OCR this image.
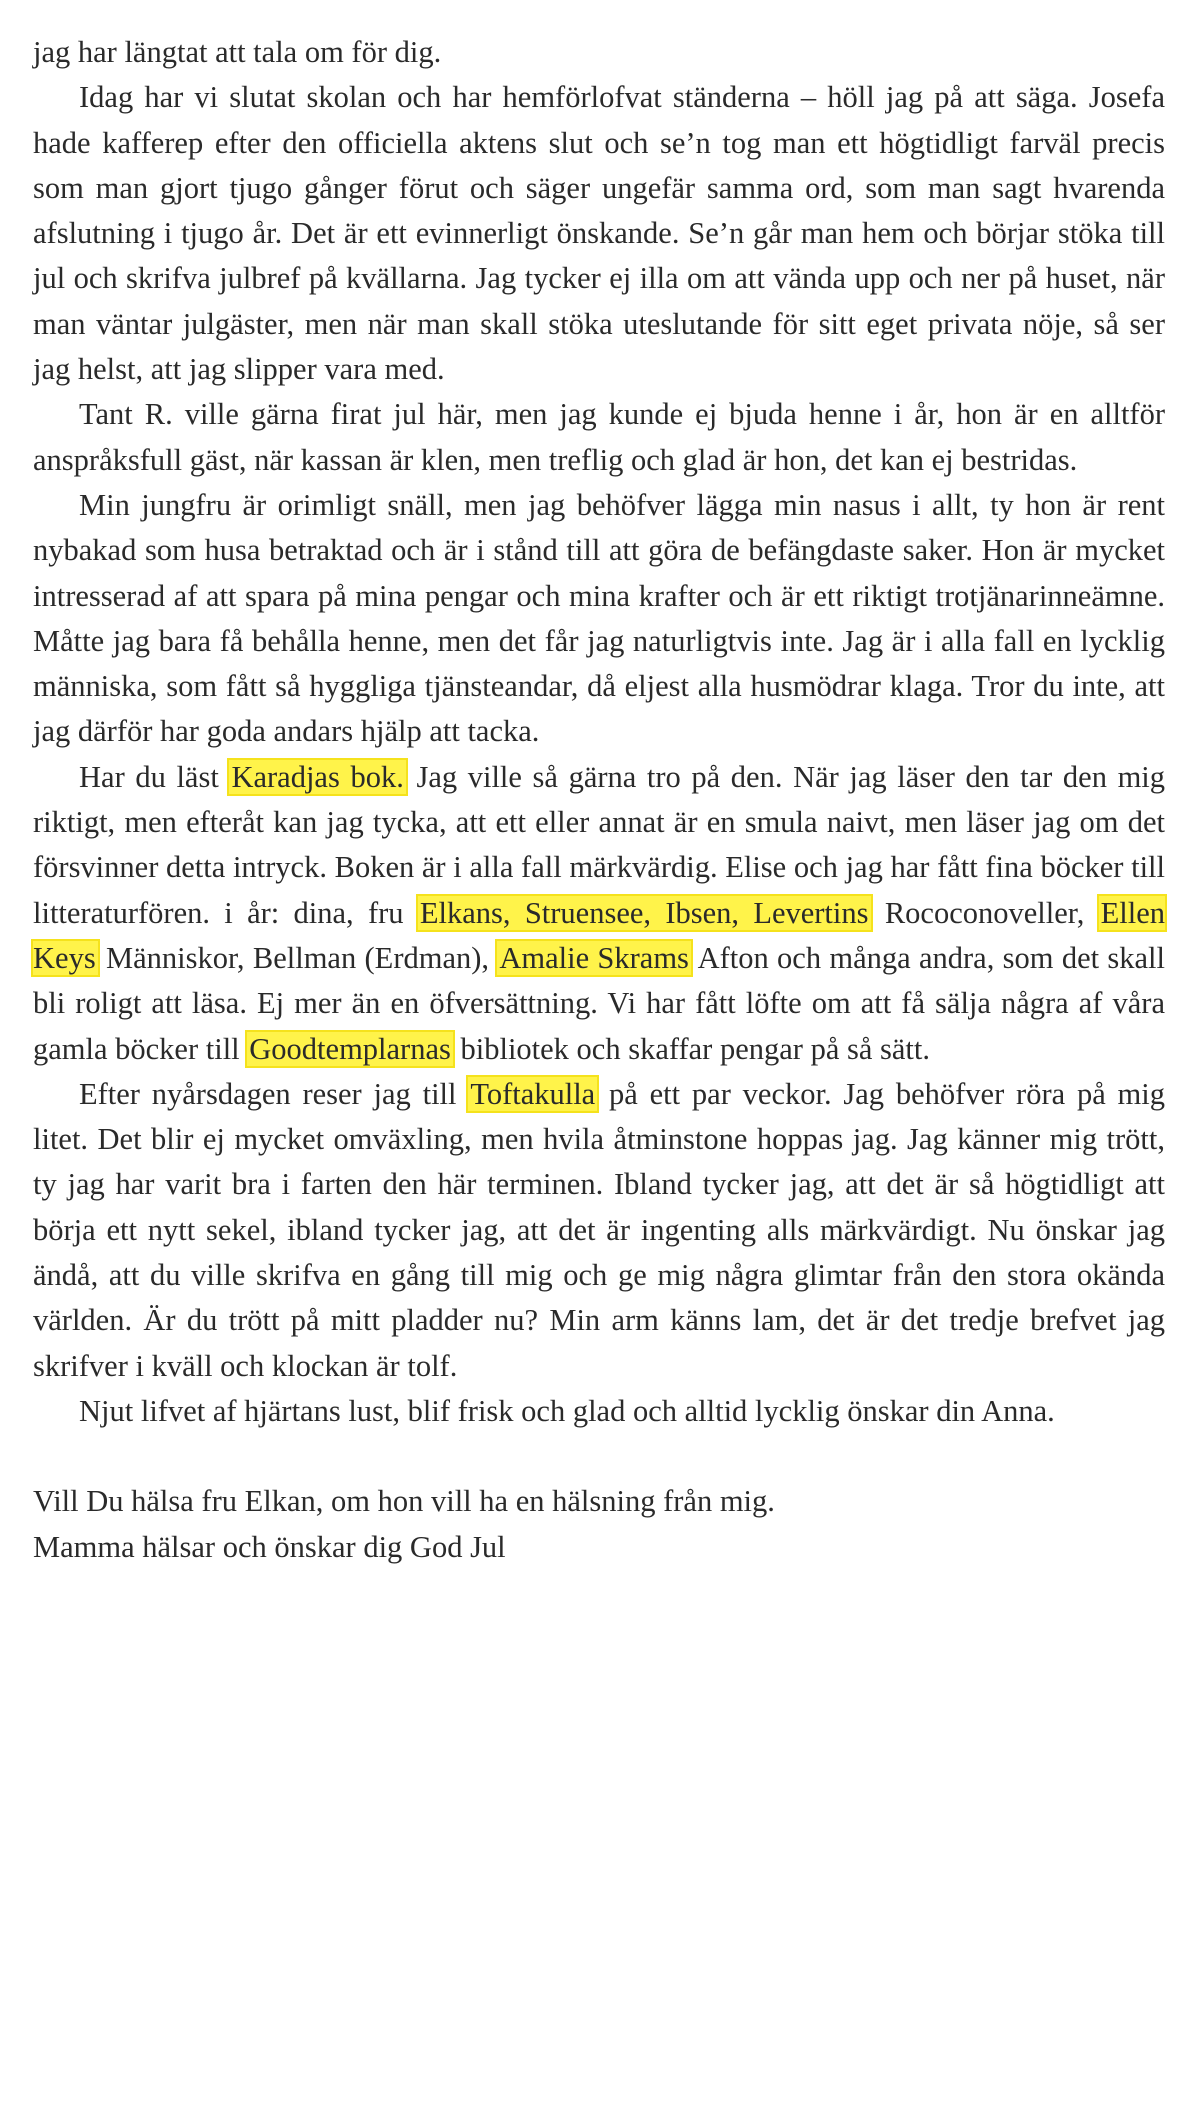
jag har längtat att tala om för dig.

Idag har vi slutat skolan och har hemförlofvat ständerna – höll jag på att säga. Josefa hade kafferep efter den officiella aktens slut och se’n tog man ett högtidligt farväl precis som man gjort tjugo gånger förut och säger ungefär samma ord, som man sagt hvarenda afslutning i tjugo år. Det är ett evinnerligt önskande. Se’n går man hem och börjar stöka till jul och skrifva julbref på kvällarna. Jag tycker ej illa om att vända upp och ner på huset, när man väntar julgäster, men när man skall stöka uteslutande för sitt eget privata nöje, så ser jag helst, att jag slipper vara med.

Tant R. ville gärna firat jul här, men jag kunde ej bjuda henne i år, hon är en alltför anspråksfull gäst, när kassan är klen, men treflig och glad är hon, det kan ej bestridas.

Min jungfru är orimligt snäll, men jag behöfver lägga min nasus i allt, ty hon är rent nybakad som husa betraktad och är i stånd till att göra de befängdaste saker. Hon är mycket intresserad af att spara på mina pengar och mina krafter och är ett riktigt trotjänarinneämne. Måtte jag bara få behålla henne, men det får jag naturligtvis inte. Jag är i alla fall en lycklig människa, som fått så hyggliga tjänsteandar, då eljest alla husmödrar klaga. Tror du inte, att jag därför har goda andars hjälp att tacka.

Har du läst Karadjas bok. Jag ville så gärna tro på den. När jag läser den tar den mig riktigt, men efteråt kan jag tycka, att ett eller annat är en smula naivt, men läser jag om det försvinner detta intryck. Boken är i alla fall märkvärdig. Elise och jag har fått fina böcker till litteraturfören. i år: dina, fru Elkans, Struensee, Ibsen, Levertins Rococonoveller, Ellen Keys Människor, Bellman (Erdman), Amalie Skrams Afton och många andra, som det skall bli roligt att läsa. Ej mer än en öfversättning. Vi har fått löfte om att få sälja några af våra gamla böcker till Goodtemplarnas bibliotek och skaffar pengar på så sätt.

Efter nyårsdagen reser jag till Toftakulla på ett par veckor. Jag behöfver röra på mig litet. Det blir ej mycket omväxling, men hvila åtminstone hoppas jag. Jag känner mig trött, ty jag har varit bra i farten den här terminen. Ibland tycker jag, att det är så högtidligt att börja ett nytt sekel, ibland tycker jag, att det är ingenting alls märkvärdigt. Nu önskar jag ändå, att du ville skrifva en gång till mig och ge mig några glimtar från den stora okända världen. Är du trött på mitt pladder nu? Min arm känns lam, det är det tredje brefvet jag skrifver i kväll och klockan är tolf.

Njut lifvet af hjärtans lust, blif frisk och glad och alltid lycklig önskar din Anna.

Vill Du hälsa fru Elkan, om hon vill ha en hälsning från mig.

Mamma hälsar och önskar dig God Jul
